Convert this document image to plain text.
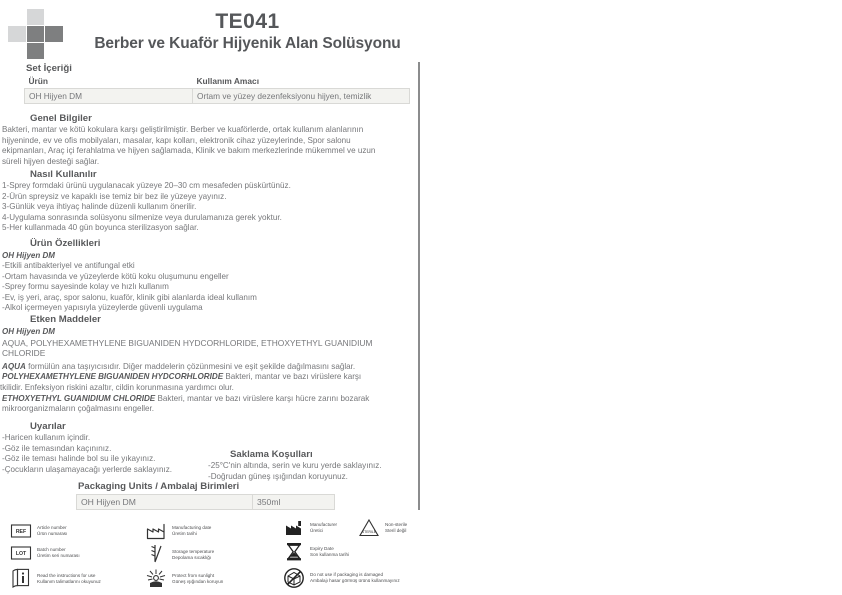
TE041
Berber ve Kuaför Hijyenik Alan Solüsyonu
Set İçeriği
Ürün	Kullanım Amacı
OH Hijyen DM	Ortam ve yüzey dezenfeksiyonu hijyen, temizlik
Genel Bilgiler
Bakteri, mantar ve kötü kokulara karşı geliştirilmiştir. Berber ve kuaförlerde, ortak kullanım alanlarının
hijyeninde, ev ve ofis mobilyaları, masalar, kapı kolları, elektronik cihaz yüzeylerinde, Spor salonu
ekipmanları, Araç içi ferahlatma ve hijyen sağlamada, Klinik ve bakım merkezlerinde mükemmel ve uzun
süreli hijyen desteği sağlar.
Nasıl Kullanılır
1-Sprey formdaki ürünü uygulanacak yüzeye 20–30 cm mesafeden püskürtünüz.
2-Ürün spreysiz ve kapaklı ise temiz bir bez ile yüzeye yayınız.
3-Günlük veya ihtiyaç halinde düzenli kullanım önerilir.
4-Uygulama sonrasında solüsyonu silmenize veya durulamanıza gerek yoktur.
5-Her kullanmada 40 gün boyunca sterilizasyon sağlar.
Ürün Özellikleri
OH Hijyen DM
-Etkili antibakteriyel ve antifungal etki
-Ortam havasında ve yüzeylerde kötü koku oluşumunu engeller
-Sprey formu sayesinde kolay ve hızlı kullanım
-Ev, iş yeri, araç, spor salonu, kuaför, klinik gibi alanlarda ideal kullanım
-Alkol içermeyen yapısıyla yüzeylerde güvenli uygulama
Etken Maddeler
OH Hijyen DM
AQUA, POLYHEXAMETHYLENE BIGUANIDEN HYDCORHLORIDE, ETHOXYETHYL GUANIDIUM
CHLORIDE
AQUA formülün ana taşıyıcısıdır. Diğer maddelerin çözünmesini ve eşit şekilde dağılmasını sağlar.
POLYHEXAMETHYLENE BIGUANIDEN HYDCORHLORIDE Bakteri, mantar ve bazı virüslere karşı
tkilidir. Enfeksiyon riskini azaltır, cildin korunmasına yardımcı olur.
ETHOXYETHYL GUANIDIUM CHLORIDE Bakteri, mantar ve bazı virüslere karşı hücre zarını bozarak
mikroorganizmaların çoğalmasını engeller.
Uyarılar
-Haricen kullanım içindir.
-Göz ile temasından kaçınınız.
-Göz ile teması halinde bol su ile yıkayınız.
-Çocukların ulaşamayacağı yerlerde saklayınız.
Saklama Koşulları
-25°C'nin altında, serin ve kuru yerde saklayınız.
-Doğrudan güneş ışığından koruyunuz.
Packaging Units / Ambalaj Birimleri
OH Hijyen DM	350ml
REF
Article number
Ürün numarası
LOT
Batch number
Üretim seri numarası
Read the instructions for use
Kullanım talimatlarını okuyunuz
Manufacturing date
Üretim tarihi
Storage temperature
Depolama sıcaklığı
Protect from sunlight
Güneş ışığından koruyun
Manufacturer
Üretici
Expiry Date
Son kullanma tarihi
Do not use if packaging is damaged
Ambalajı hasar görmüş ürünü kullanmayınız
STERILE
Non-sterile
Steril değil
